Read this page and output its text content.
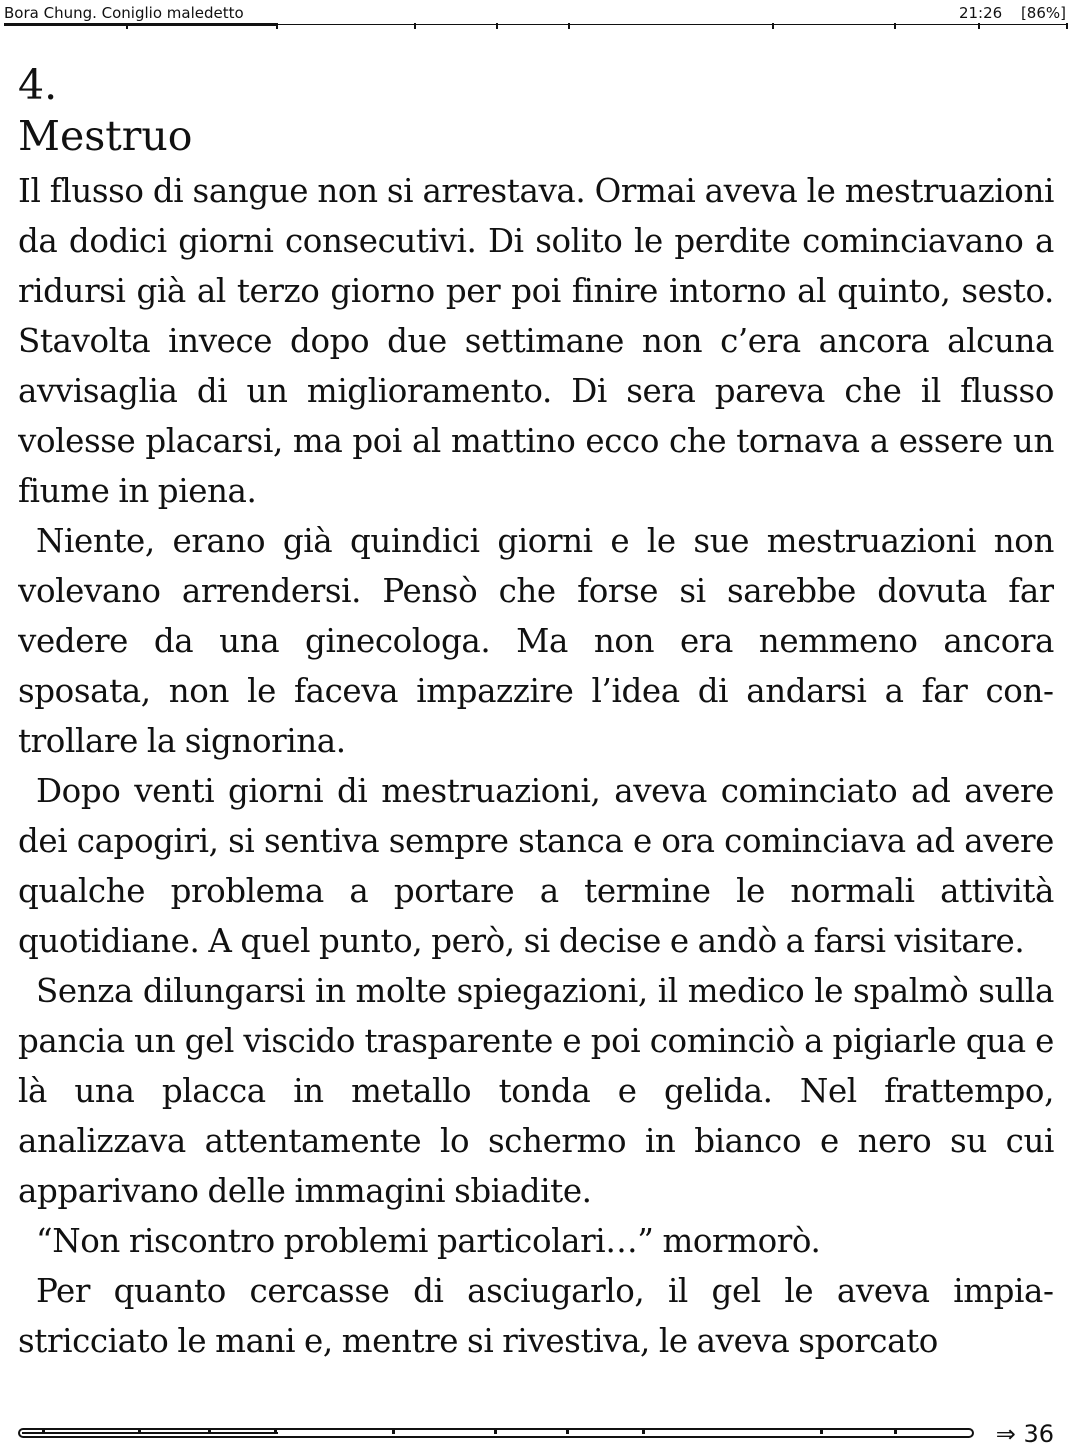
Bora Chung. Coniglio maledetto	21:26 [86%]
4.
Mestruo

Il flusso di sangue non si arrestava. Ormai aveva le mestruazioni da dodici giorni consecutivi. Di solito le perdite cominciavano a ridursi già al terzo giorno per poi finire intorno al quinto, sesto. Stavolta invece dopo due settimane non c’era ancora alcuna avvisaglia di un miglioramento. Di sera pareva che il flusso volesse placarsi, ma poi al mattino ecco che tornava a essere un fiume in piena.

Niente, erano già quindici giorni e le sue mestruazioni non volevano arrendersi. Pensò che forse si sarebbe dovuta far vedere da una ginecologa. Ma non era nemmeno ancora sposata, non le faceva impazzire l’idea di andarsi a far controllare la signorina.

Dopo venti giorni di mestruazioni, aveva cominciato ad avere dei capogiri, si sentiva sempre stanca e ora cominciava ad avere qualche problema a portare a termine le normali attività quotidiane. A quel punto, però, si decise e andò a farsi visitare.

Senza dilungarsi in molte spiegazioni, il medico le spalmò sulla pancia un gel viscido trasparente e poi cominciò a pigiarle qua e là una placca in metallo tonda e gelida. Nel frattempo, analizzava attentamente lo schermo in bianco e nero su cui apparivano delle immagini sbiadite.

“Non riscontro problemi particolari…” mormorò.

Per quanto cercasse di asciugarlo, il gel le aveva impiastricciato le mani e, mentre si rivestiva, le aveva sporcato

⇒ 36
